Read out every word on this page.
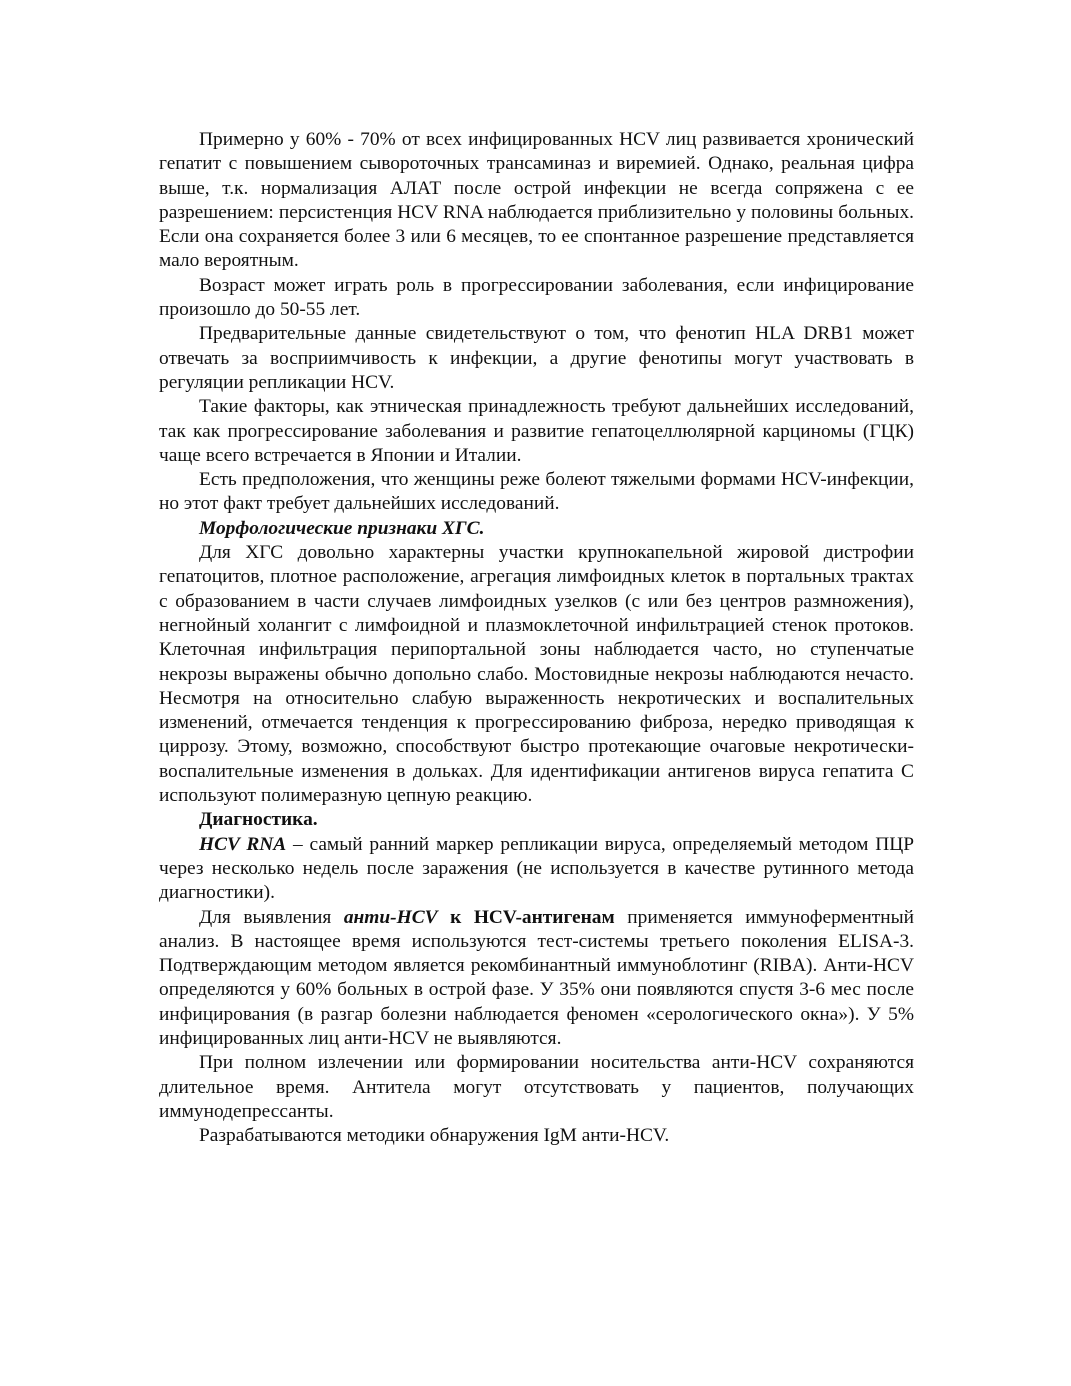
Примерно у 60% - 70% от всех инфицированных HCV лиц развивается хронический гепатит с повышением сывороточных трансаминаз и виремией. Однако, реальная цифра выше, т.к. нормализация АЛАТ после острой инфекции не всегда сопряжена с ее разрешением: персистенция HCV RNA наблюдается приблизительно у половины больных. Если она сохраняется более 3 или 6 месяцев, то ее спонтанное разрешение представляется мало вероятным.

Возраст может играть роль в прогрессировании заболевания, если инфицирование произошло до 50-55 лет.

Предварительные данные свидетельствуют о том, что фенотип HLA DRB1 может отвечать за восприимчивость к инфекции, а другие фенотипы могут участвовать в регуляции репликации HCV.

Такие факторы, как этническая принадлежность требуют дальнейших исследований, так как прогрессирование заболевания и развитие гепатоцеллюлярной карциномы (ГЦК) чаще всего встречается в Японии и Италии.

Есть предположения, что женщины реже болеют тяжелыми формами HCV-инфекции, но этот факт требует дальнейших исследований.

Морфологические признаки ХГС.

Для ХГС довольно характерны участки крупнокапельной жировой дистрофии гепатоцитов, плотное расположение, агрегация лимфоидных клеток в портальных трактах с образованием в части случаев лимфоидных узелков (с или без центров размножения), негнойный холангит с лимфоидной и плазмоклеточной инфильтрацией стенок протоков. Клеточная инфильтрация перипортальной зоны наблюдается часто, но ступенчатые некрозы выражены обычно допольно слабо. Мостовидные некрозы наблюдаются нечасто. Несмотря на относительно слабую выраженность некротических и воспалительных изменений, отмечается тенденция к прогрессированию фиброза, нередко приводящая к циррозу. Этому, возможно, способствуют быстро протекающие очаговые некротически-воспалительные изменения в дольках. Для идентификации антигенов вируса гепатита С используют полимеразную цепную реакцию.

Диагностика.

HCV RNA – самый ранний маркер репликации вируса, определяемый методом ПЦР через несколько недель после заражения (не используется в качестве рутинного метода диагностики).

Для выявления анти-HCV к HCV-антигенам применяется иммуноферментный анализ. В настоящее время используются тест-системы третьего поколения ELISA-3. Подтверждающим методом является рекомбинантный иммуноблотинг (RIBA). Анти-HCV определяются у 60% больных в острой фазе. У 35% они появляются спустя 3-6 мес после инфицирования (в разгар болезни наблюдается феномен «серологического окна»). У 5% инфицированных лиц анти-HCV не выявляются.

При полном излечении или формировании носительства анти-HCV сохраняются длительное время. Антитела могут отсутствовать у пациентов, получающих иммунодепрессанты.

Разрабатываются методики обнаружения IgM анти-HCV.
